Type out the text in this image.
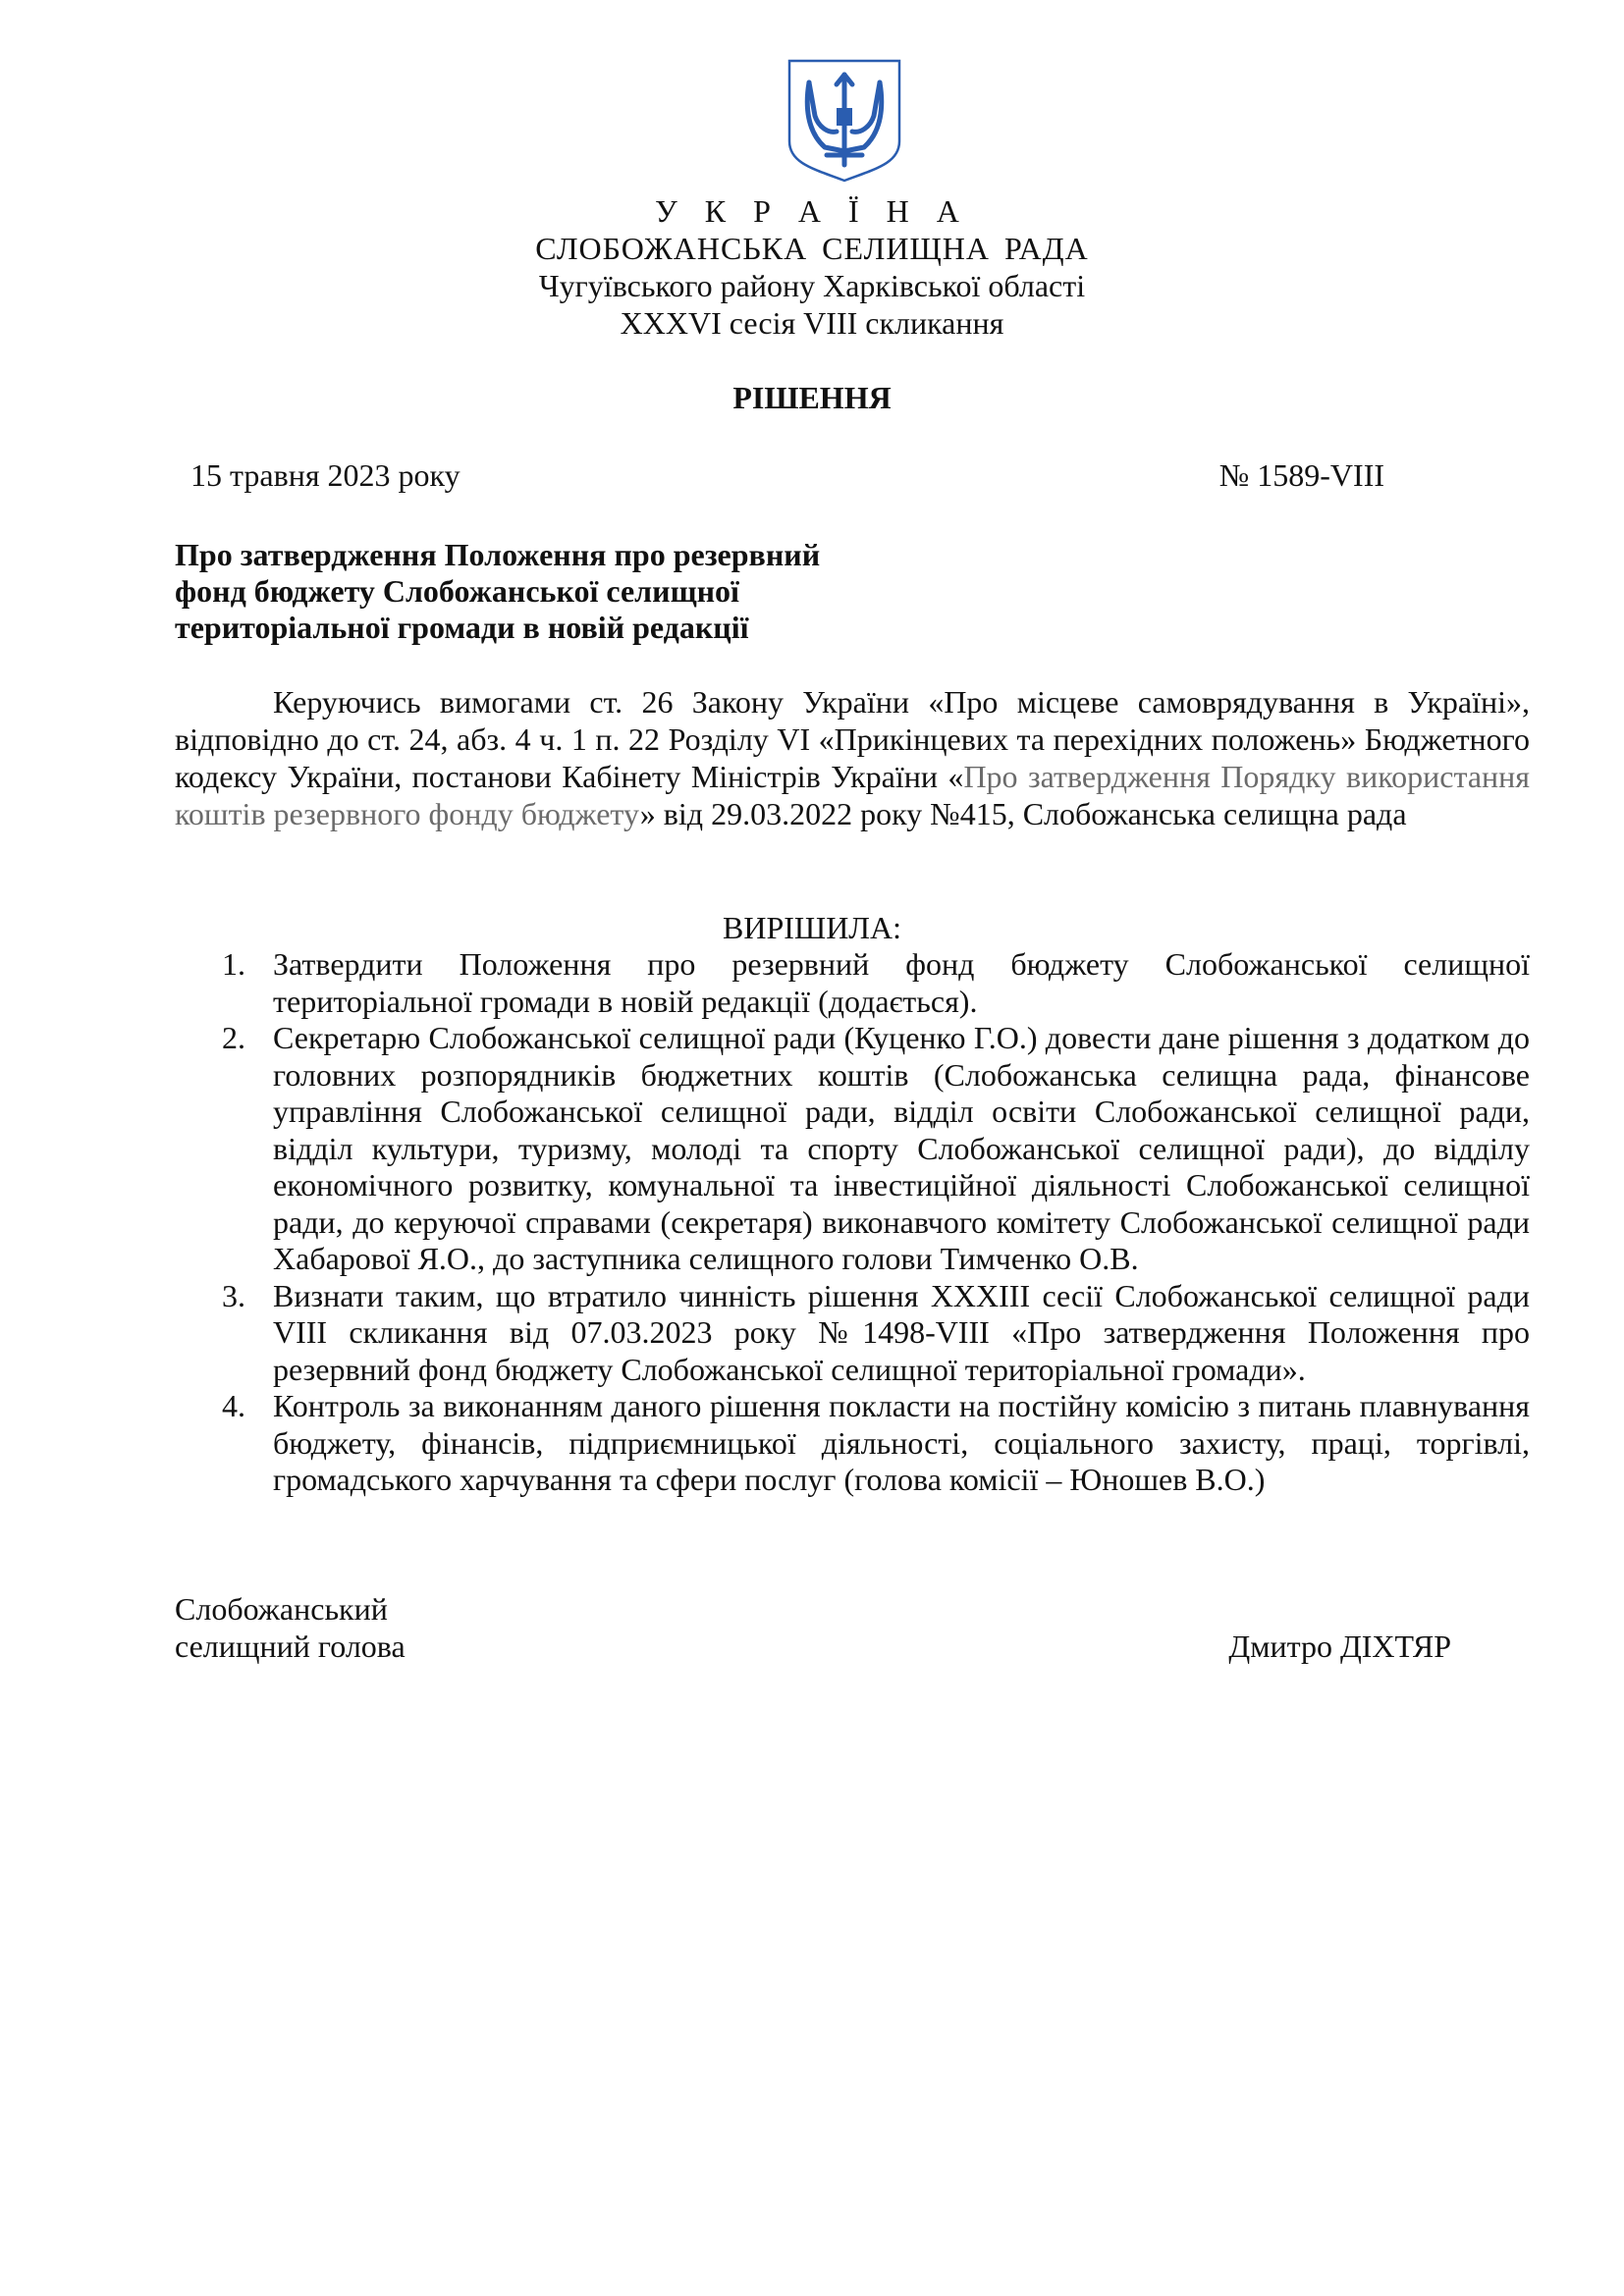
У К Р А Ї Н А
СЛОБОЖАНСЬКА СЕЛИЩНА РАДА
Чугуївського району Харківської області
XXXVI сесія VIII скликання
РІШЕННЯ
15 травня 2023 року	№ 1589-VIII
Про затвердження Положення про резервний
фонд бюджету Слобожанської селищної
територіальної громади в новій редакції
Керуючись вимогами ст. 26 Закону України «Про місцеве самоврядування в Україні», відповідно до ст. 24, абз. 4 ч. 1 п. 22 Розділу VI «Прикінцевих та перехідних положень» Бюджетного кодексу України, постанови Кабінету Міністрів України «Про затвердження Порядку використання коштів резервного фонду бюджету» від 29.03.2022 року №415, Слобожанська селищна рада
ВИРІШИЛА:
1. Затвердити Положення про резервний фонд бюджету Слобожанської селищної територіальної громади в новій редакції (додається).
2. Секретарю Слобожанської селищної ради (Куценко Г.О.) довести дане рішення з додатком до головних розпорядників бюджетних коштів (Слобожанська селищна рада, фінансове управління Слобожанської селищної ради, відділ освіти Слобожанської селищної ради, відділ культури, туризму, молоді та спорту Слобожанської селищної ради), до відділу економічного розвитку, комунальної та інвестиційної діяльності Слобожанської селищної ради, до керуючої справами (секретаря) виконавчого комітету Слобожанської селищної ради Хабарової Я.О., до заступника селищного голови Тимченко О.В.
3. Визнати таким, що втратило чинність рішення XXXIII сесії Слобожанської селищної ради VIII скликання від 07.03.2023 року №1498-VIII «Про затвердження Положення про резервний фонд бюджету Слобожанської селищної територіальної громади».
4. Контроль за виконанням даного рішення покласти на постійну комісію з питань плавнування бюджету, фінансів, підприємницької діяльності, соціального захисту, праці, торгівлі, громадського харчування та сфери послуг (голова комісії – Юношев В.О.)
Слобожанський
селищний голова	Дмитро ДІХТЯР
